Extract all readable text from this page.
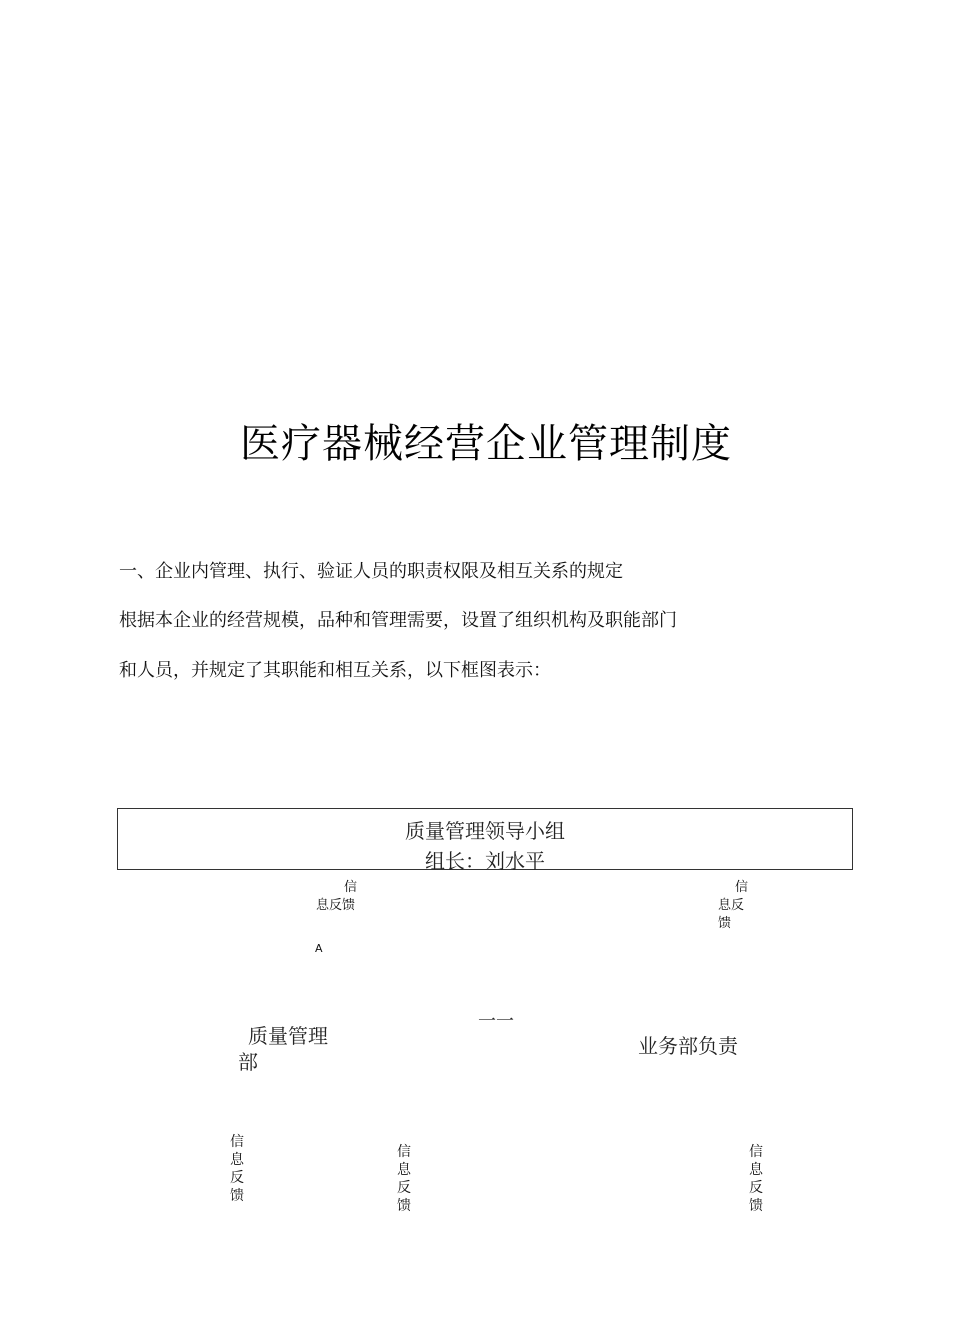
医疗器械经营企业管理制度
一、企业内管理、执行、验证人员的职责权限及相互关系的规定
根据本企业的经营规模，品种和管理需要，设置了组织机构及职能部门
和人员，并规定了其职能和相互关系，以下框图表示：
质量管理领导小组
组长：刘水平
信
息反馈
信
息反
馈
A
质量管理
部
一一
业务部负责
信息反馈
信息反馈
信息反馈
